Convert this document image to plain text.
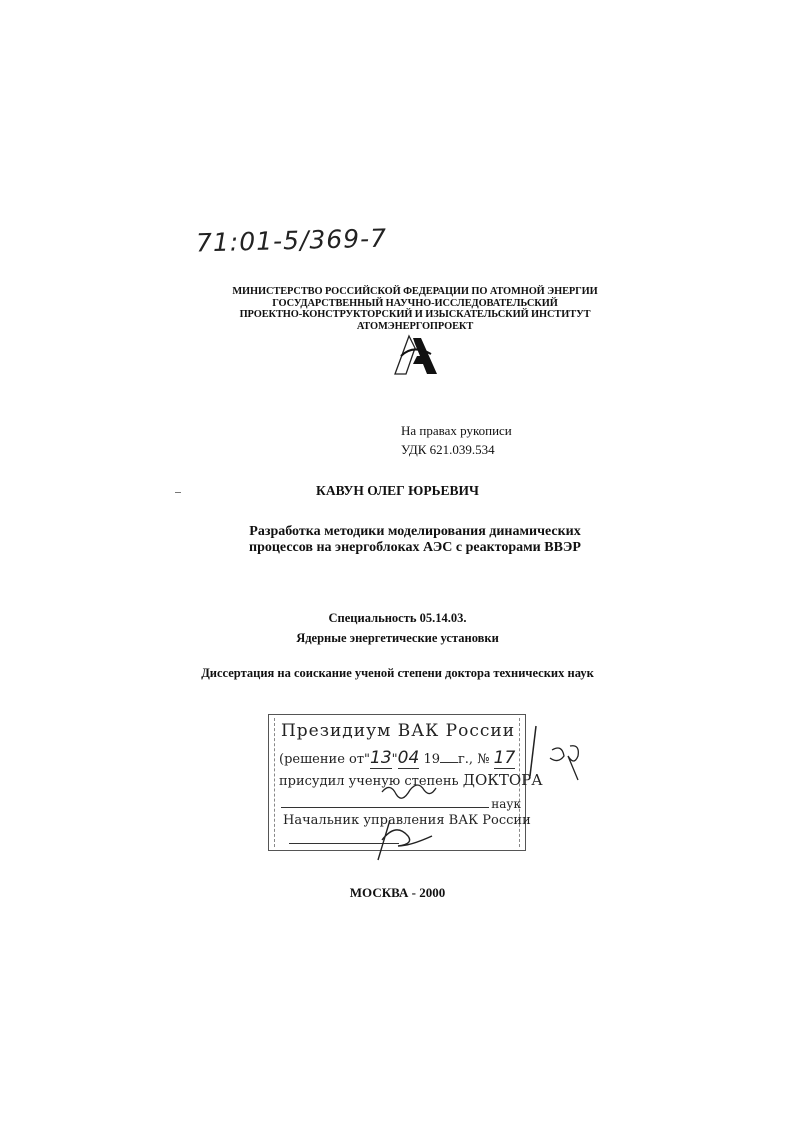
71:01-5/369-7
МИНИСТЕРСТВО РОССИЙСКОЙ ФЕДЕРАЦИИ ПО АТОМНОЙ ЭНЕРГИИ
ГОСУДАРСТВЕННЫЙ НАУЧНО-ИССЛЕДОВАТЕЛЬСКИЙ
ПРОЕКТНО-КОНСТРУКТОРСКИЙ И ИЗЫСКАТЕЛЬСКИЙ ИНСТИТУТ
АТОМЭНЕРГОПРОЕКТ
На правах рукописи
УДК 621.039.534
КАВУН ОЛЕГ ЮРЬЕВИЧ
Разработка методики моделирования динамических
процессов на энергоблоках АЭС с реакторами ВВЭР
Специальность 05.14.03.
Ядерные энергетические установки
Диссертация на соискание ученой степени доктора технических наук
Президиум ВАК России
(решение от"13"04 19 г., № 17
присудил ученую степень ДОКТОРА
наук
Начальник управления ВАК России
МОСКВА - 2000
